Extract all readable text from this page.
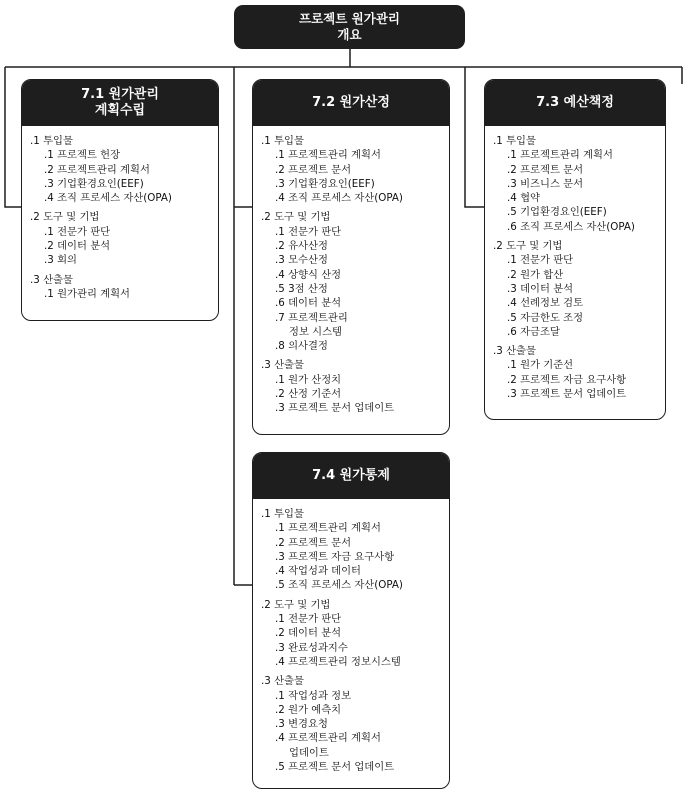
프로젝트 원가관리
개요
7.1 원가관리
계획수립
.1 투입물
.1 프로젝트 헌장
.2 프로젝트관리 계획서
.3 기업환경요인(EEF)
.4 조직 프로세스 자산(OPA)
.2 도구 및 기법
.1 전문가 판단
.2 데이터 분석
.3 회의
.3 산출물
.1 원가관리 계획서
7.2 원가산정
.1 투입물
.1 프로젝트관리 계획서
.2 프로젝트 문서
.3 기업환경요인(EEF)
.4 조직 프로세스 자산(OPA)
.2 도구 및 기법
.1 전문가 판단
.2 유사산정
.3 모수산정
.4 상향식 산정
.5 3점 산정
.6 데이터 분석
.7 프로젝트관리
정보 시스템
.8 의사결정
.3 산출물
.1 원가 산정치
.2 산정 기준서
.3 프로젝트 문서 업데이트
7.3 예산책정
.1 투입물
.1 프로젝트관리 계획서
.2 프로젝트 문서
.3 비즈니스 문서
.4 협약
.5 기업환경요인(EEF)
.6 조직 프로세스 자산(OPA)
.2 도구 및 기법
.1 전문가 판단
.2 원가 합산
.3 데이터 분석
.4 선례정보 검토
.5 자금한도 조정
.6 자금조달
.3 산출물
.1 원가 기준선
.2 프로젝트 자금 요구사항
.3 프로젝트 문서 업데이트
7.4 원가통제
.1 투입물
.1 프로젝트관리 계획서
.2 프로젝트 문서
.3 프로젝트 자금 요구사항
.4 작업성과 데이터
.5 조직 프로세스 자산(OPA)
.2 도구 및 기법
.1 전문가 판단
.2 데이터 분석
.3 완료성과지수
.4 프로젝트관리 정보시스템
.3 산출물
.1 작업성과 정보
.2 원가 예측치
.3 변경요청
.4 프로젝트관리 계획서
업데이트
.5 프로젝트 문서 업데이트
